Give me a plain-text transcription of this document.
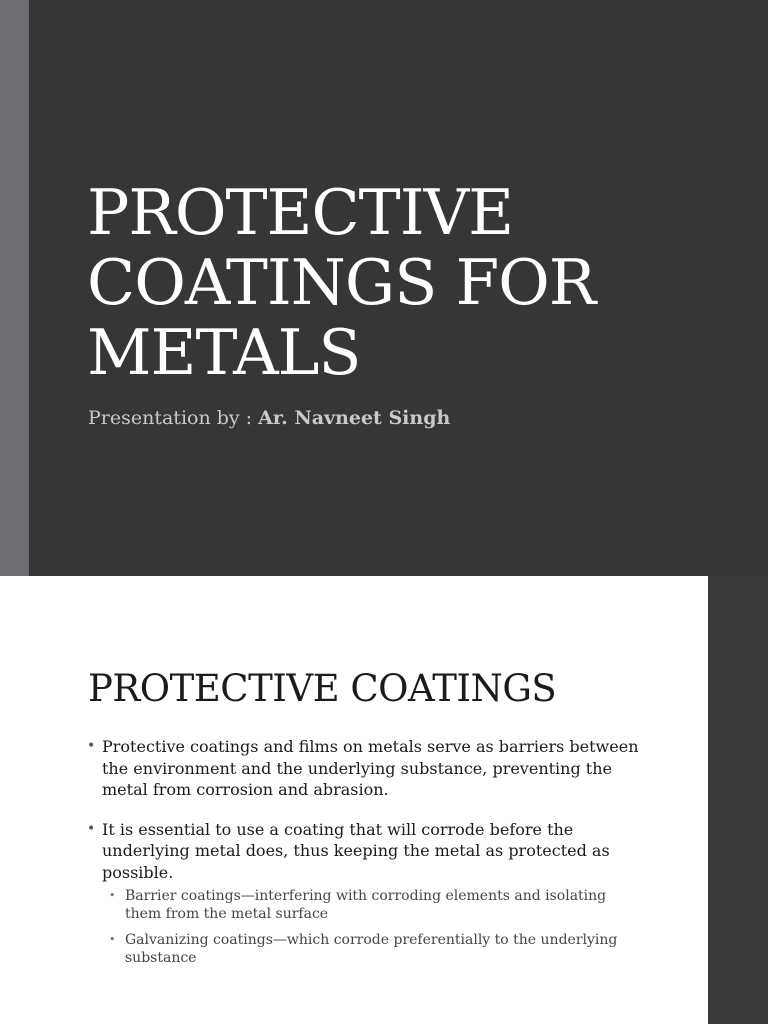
PROTECTIVE
COATINGS FOR
METALS
Presentation by : Ar. Navneet Singh
PROTECTIVE COATINGS
• Protective coatings and films on metals serve as barriers between the environment and the underlying substance, preventing the metal from corrosion and abrasion.
• It is essential to use a coating that will corrode before the underlying metal does, thus keeping the metal as protected as possible.
• Barrier coatings—interfering with corroding elements and isolating them from the metal surface
• Galvanizing coatings—which corrode preferentially to the underlying substance
